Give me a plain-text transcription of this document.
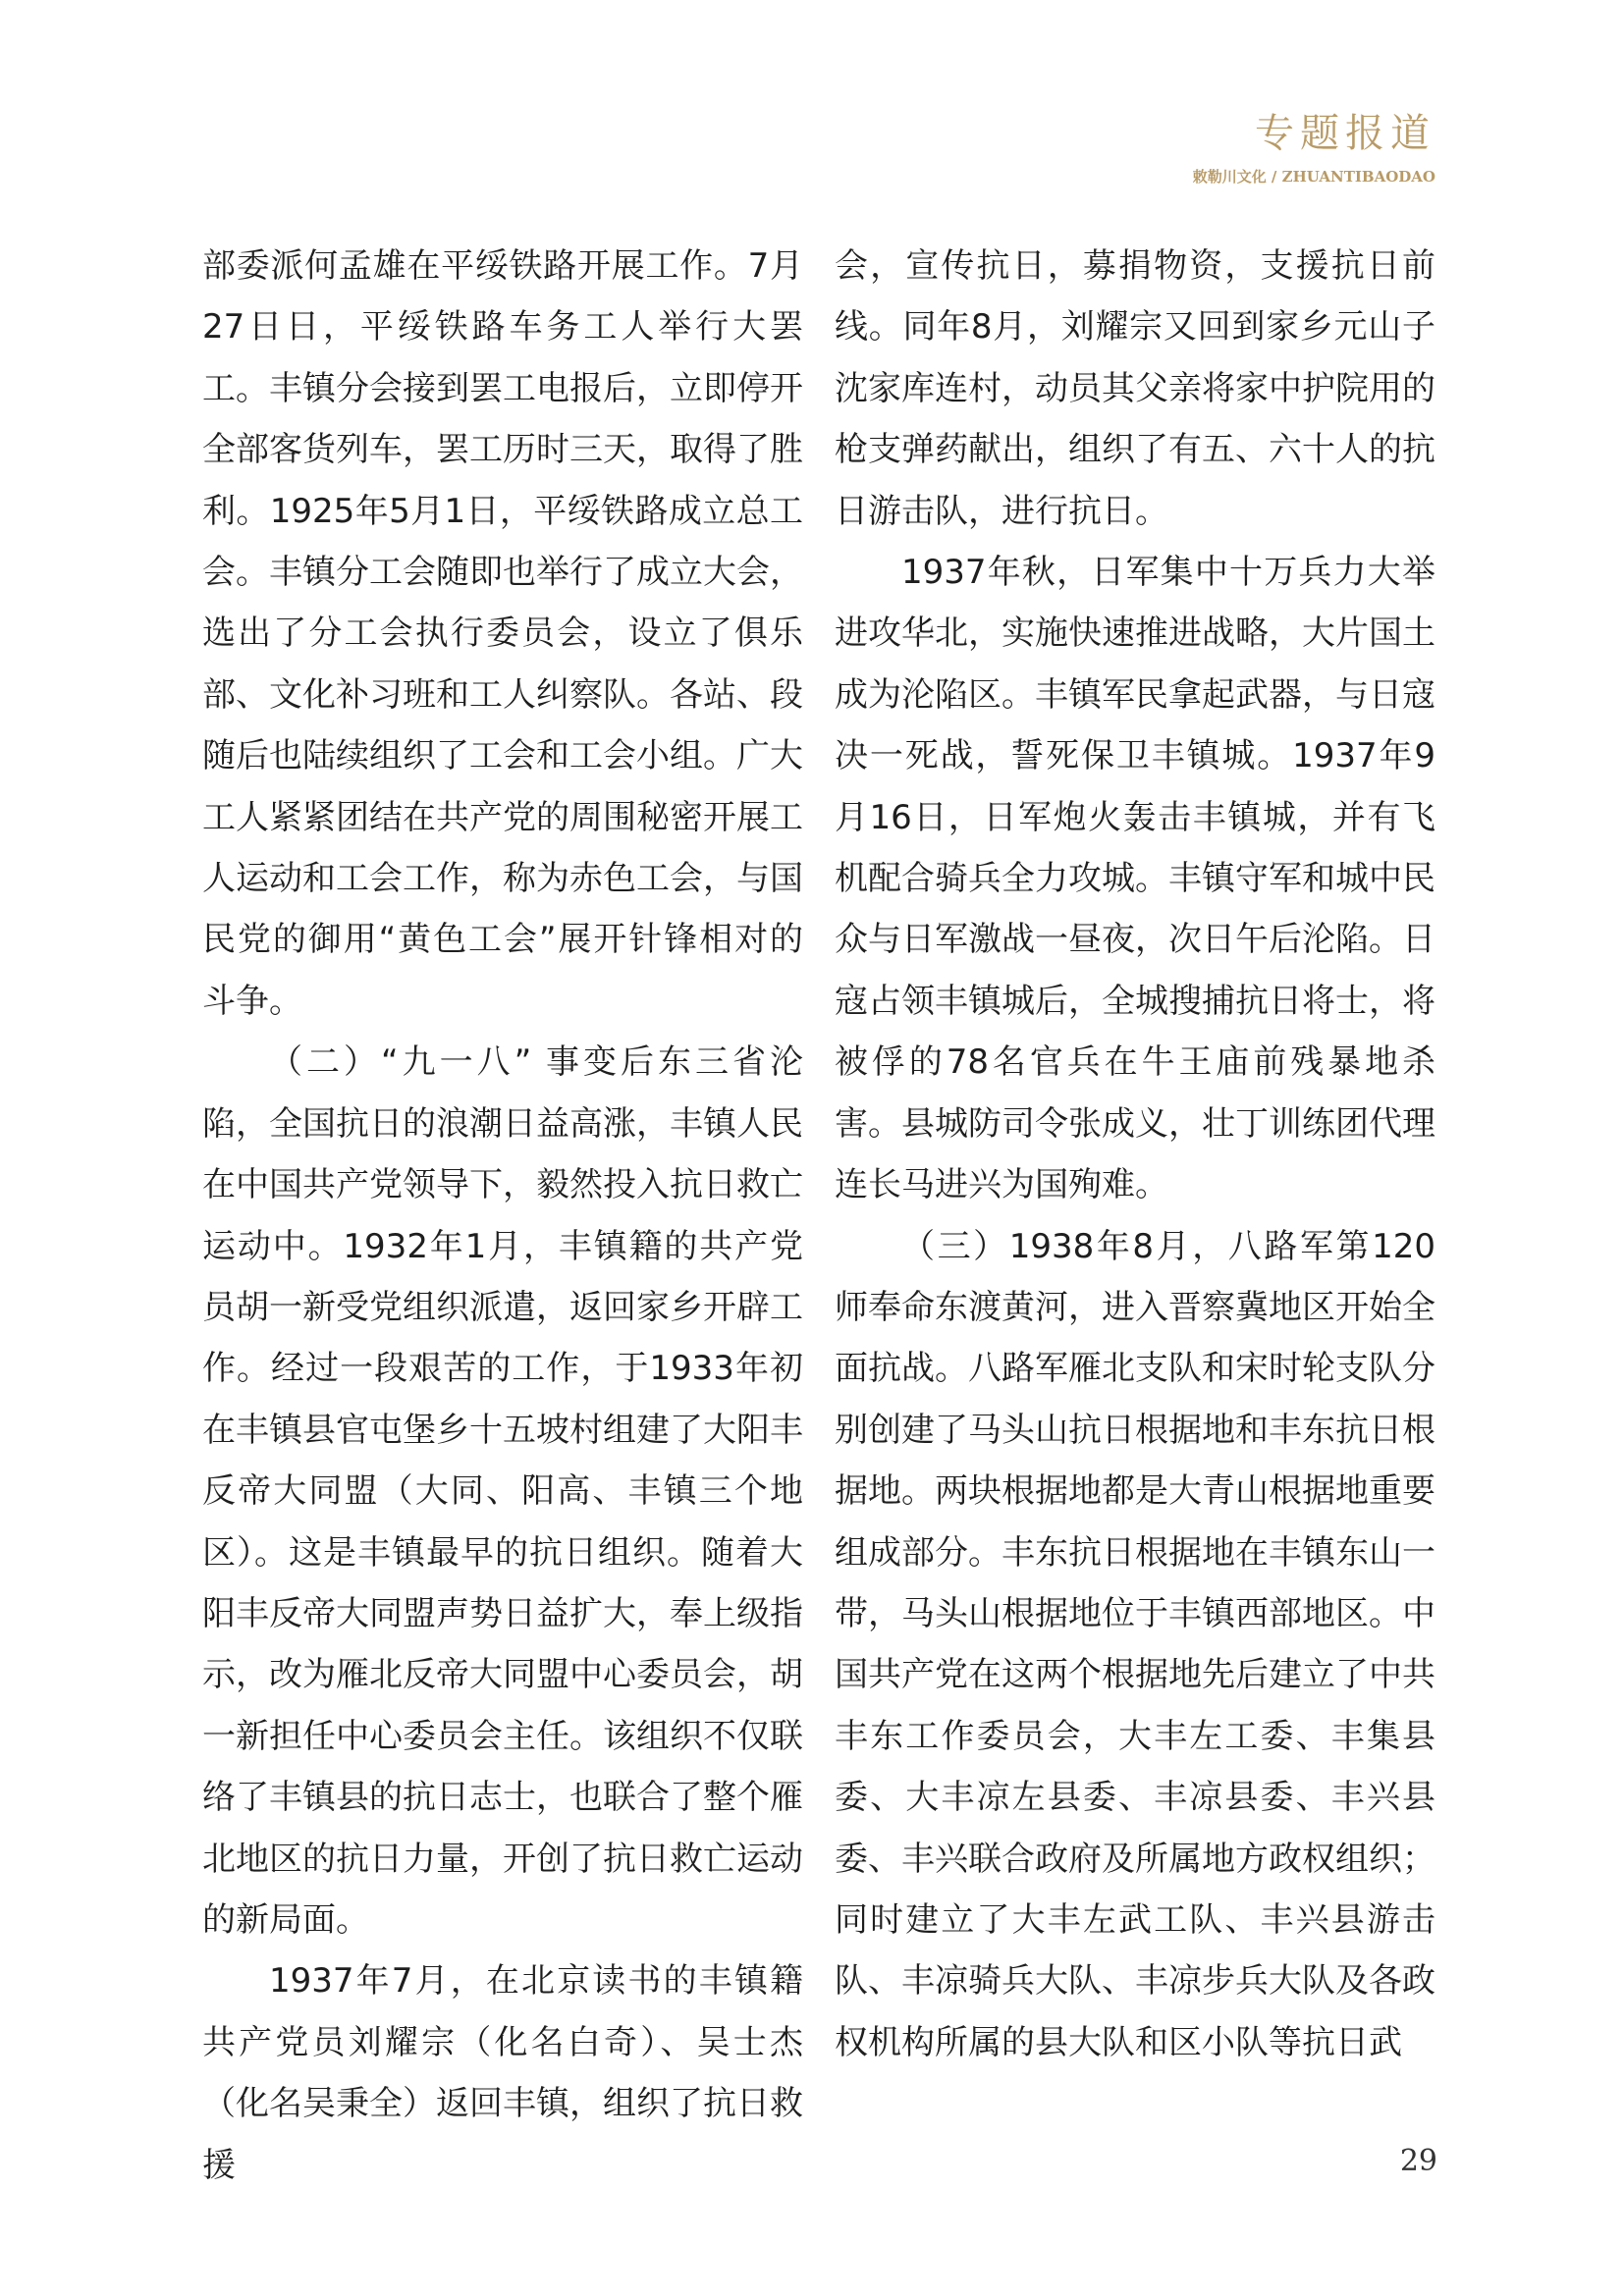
专题报道
敕勒川文化 / ZHUANTIBAODAO

部委派何孟雄在平绥铁路开展工作。7月27日日，平绥铁路车务工人举行大罢工。丰镇分会接到罢工电报后，立即停开全部客货列车，罢工历时三天，取得了胜利。1925年5月1日，平绥铁路成立总工会。丰镇分工会随即也举行了成立大会，选出了分工会执行委员会，设立了俱乐部、文化补习班和工人纠察队。各站、段随后也陆续组织了工会和工会小组。广大工人紧紧团结在共产党的周围秘密开展工人运动和工会工作，称为赤色工会，与国民党的御用“黄色工会”展开针锋相对的斗争。

（二）“九一八” 事变后东三省沦陷，全国抗日的浪潮日益高涨，丰镇人民在中国共产党领导下，毅然投入抗日救亡运动中。1932年1月，丰镇籍的共产党员胡一新受党组织派遣，返回家乡开辟工作。经过一段艰苦的工作，于1933年初在丰镇县官屯堡乡十五坡村组建了大阳丰反帝大同盟（大同、阳高、丰镇三个地区）。这是丰镇最早的抗日组织。随着大阳丰反帝大同盟声势日益扩大，奉上级指示，改为雁北反帝大同盟中心委员会，胡一新担任中心委员会主任。该组织不仅联络了丰镇县的抗日志士，也联合了整个雁北地区的抗日力量，开创了抗日救亡运动的新局面。

1937年7月，在北京读书的丰镇籍共产党员刘耀宗（化名白奇）、吴士杰（化名吴秉全）返回丰镇，组织了抗日救援

会，宣传抗日，募捐物资，支援抗日前线。同年8月，刘耀宗又回到家乡元山子沈家库连村，动员其父亲将家中护院用的枪支弹药献出，组织了有五、六十人的抗日游击队，进行抗日。

1937年秋，日军集中十万兵力大举进攻华北，实施快速推进战略，大片国土成为沦陷区。丰镇军民拿起武器，与日寇决一死战，誓死保卫丰镇城。1937年9月16日，日军炮火轰击丰镇城，并有飞机配合骑兵全力攻城。丰镇守军和城中民众与日军激战一昼夜，次日午后沦陷。日寇占领丰镇城后，全城搜捕抗日将士，将被俘的78名官兵在牛王庙前残暴地杀害。县城防司令张成义，壮丁训练团代理连长马进兴为国殉难。

（三）1938年8月，八路军第120师奉命东渡黄河，进入晋察冀地区开始全面抗战。八路军雁北支队和宋时轮支队分别创建了马头山抗日根据地和丰东抗日根据地。两块根据地都是大青山根据地重要组成部分。丰东抗日根据地在丰镇东山一带，马头山根据地位于丰镇西部地区。中国共产党在这两个根据地先后建立了中共丰东工作委员会，大丰左工委、丰集县委、大丰凉左县委、丰凉县委、丰兴县委、丰兴联合政府及所属地方政权组织；同时建立了大丰左武工队、丰兴县游击队、丰凉骑兵大队、丰凉步兵大队及各政权机构所属的县大队和区小队等抗日武

29
